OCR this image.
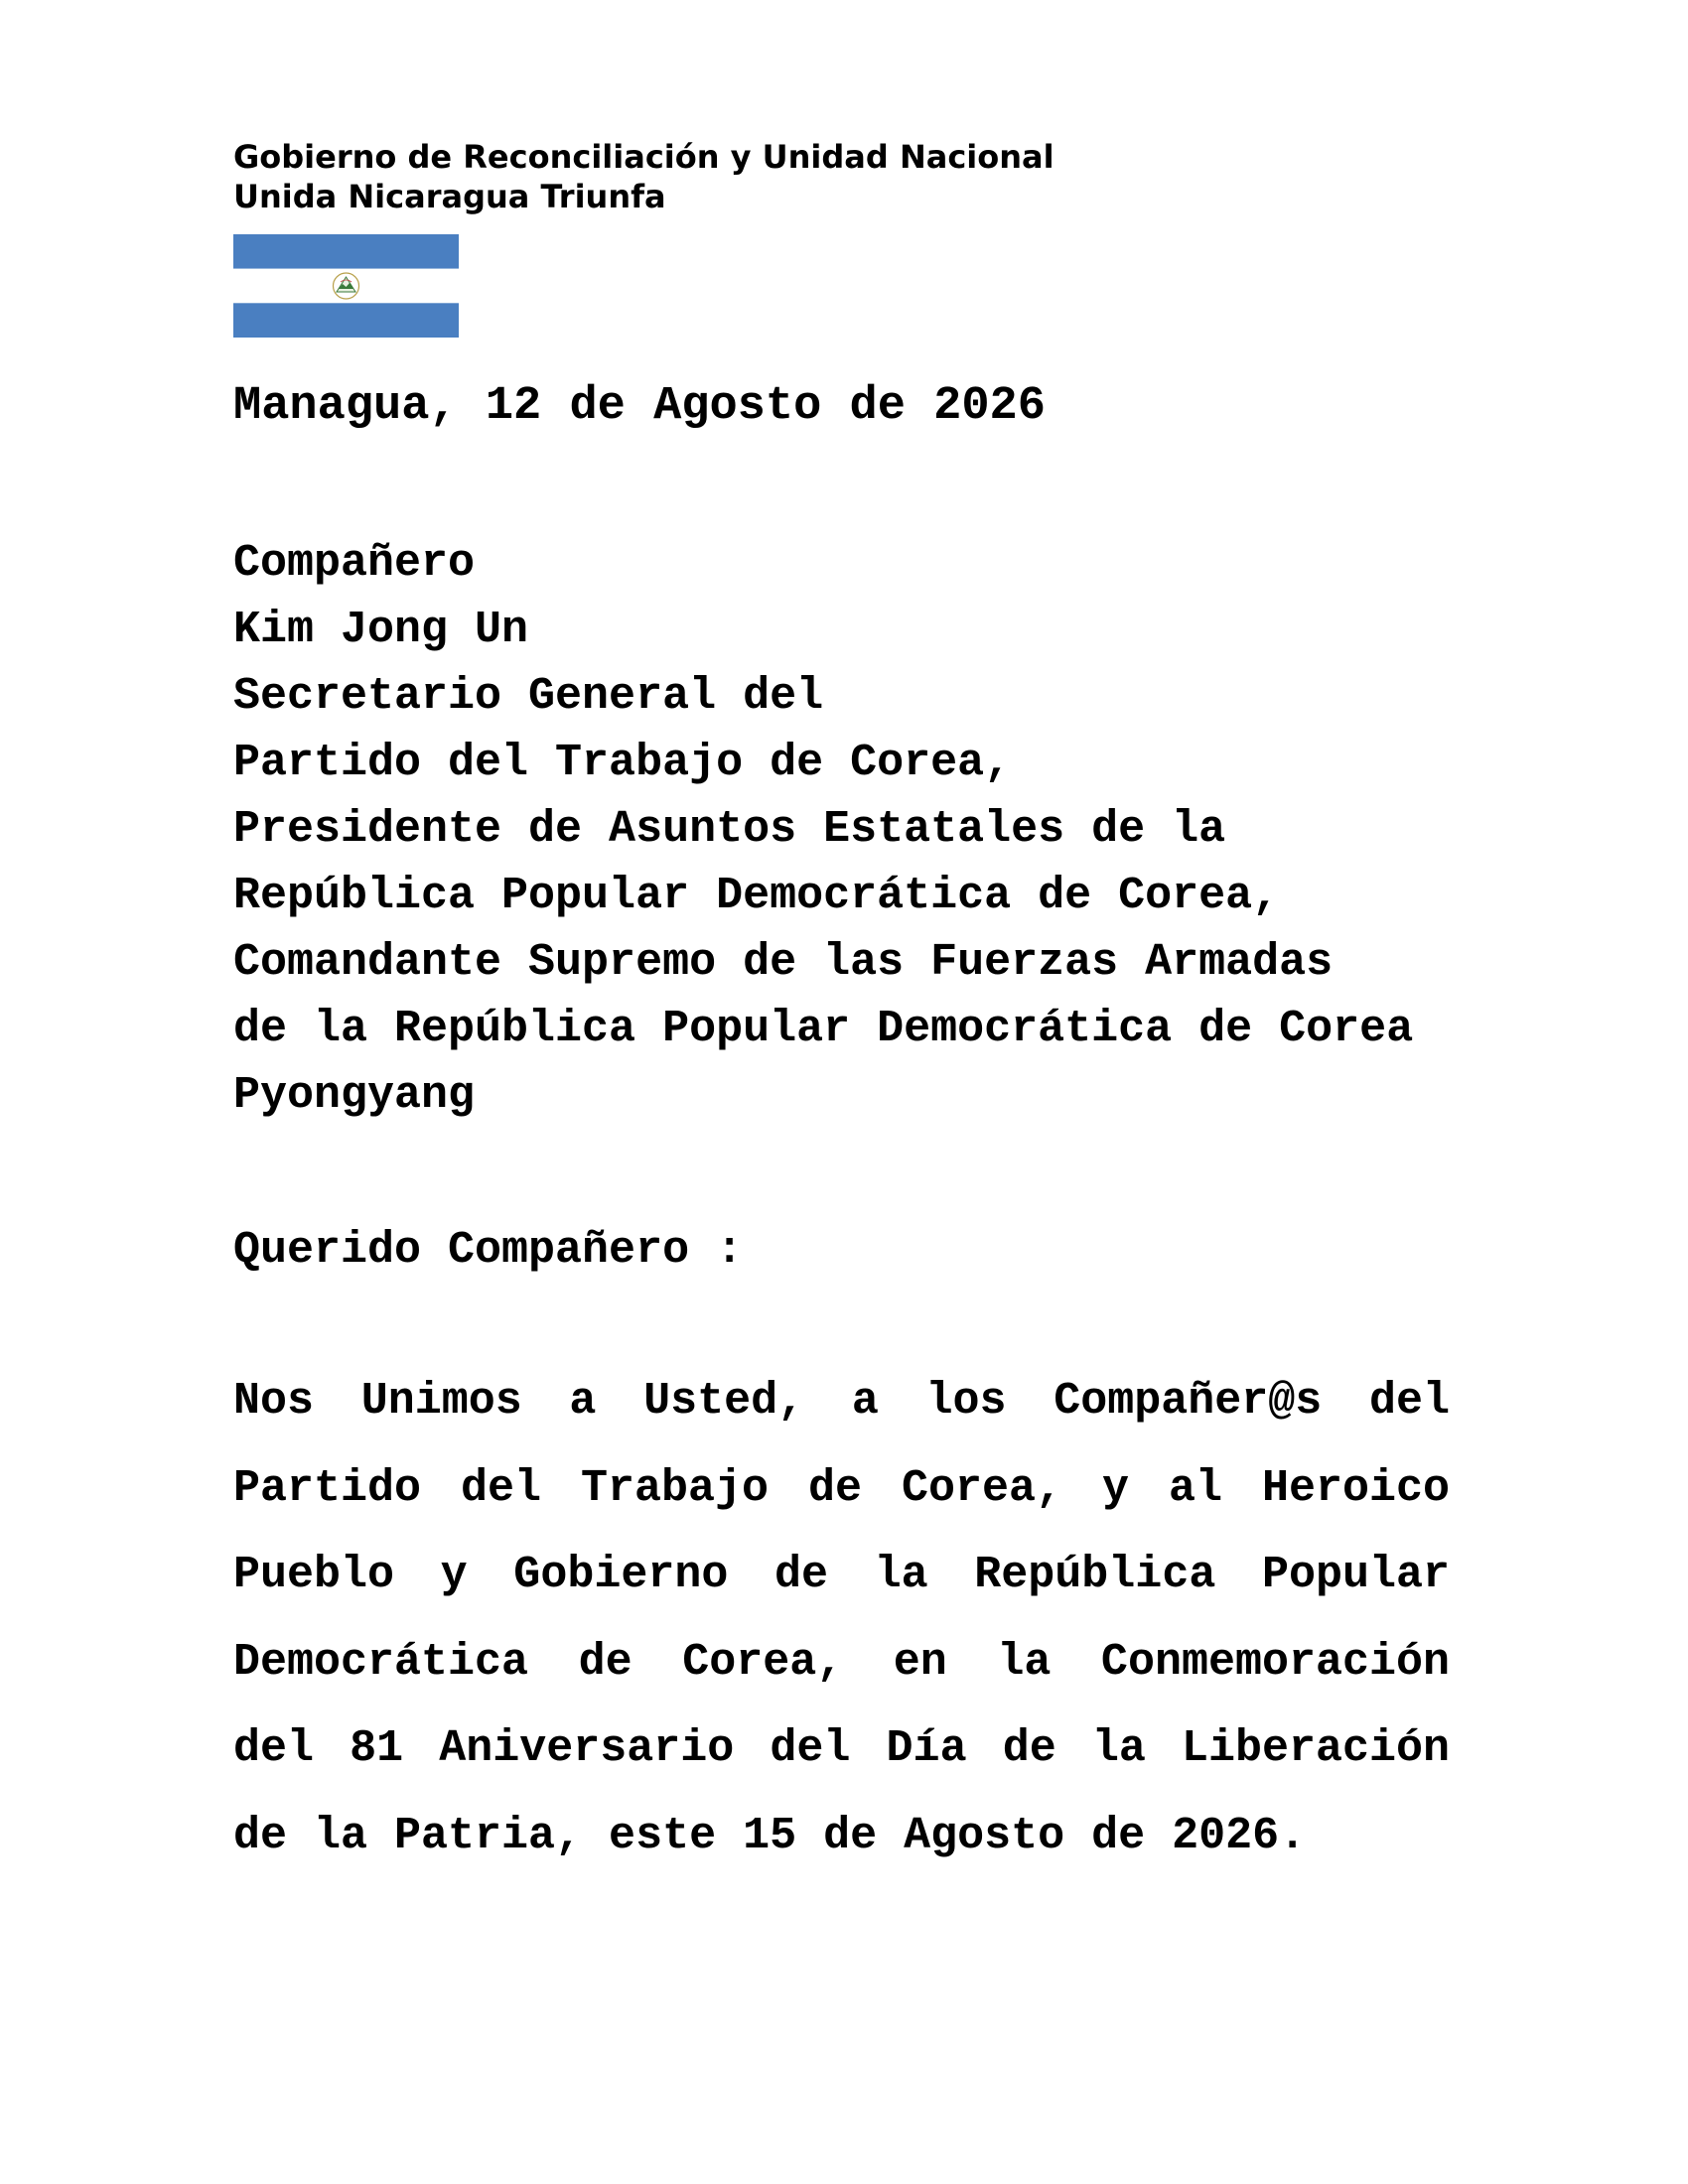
Gobierno de Reconciliación y Unidad Nacional
Unida Nicaragua Triunfa
Managua, 12 de Agosto de 2026
Compañero
Kim Jong Un
Secretario General del
Partido del Trabajo de Corea,
Presidente de Asuntos Estatales de la
República Popular Democrática de Corea,
Comandante Supremo de las Fuerzas Armadas
de la República Popular Democrática de Corea
Pyongyang
Querido Compañero :
Nos Unimos a Usted, a los Compañer@s del
Partido del Trabajo de Corea, y al Heroico
Pueblo y Gobierno de la República Popular
Democrática de Corea, en la Conmemoración
del 81 Aniversario del Día de la Liberación
de la Patria, este 15 de Agosto de 2026.
